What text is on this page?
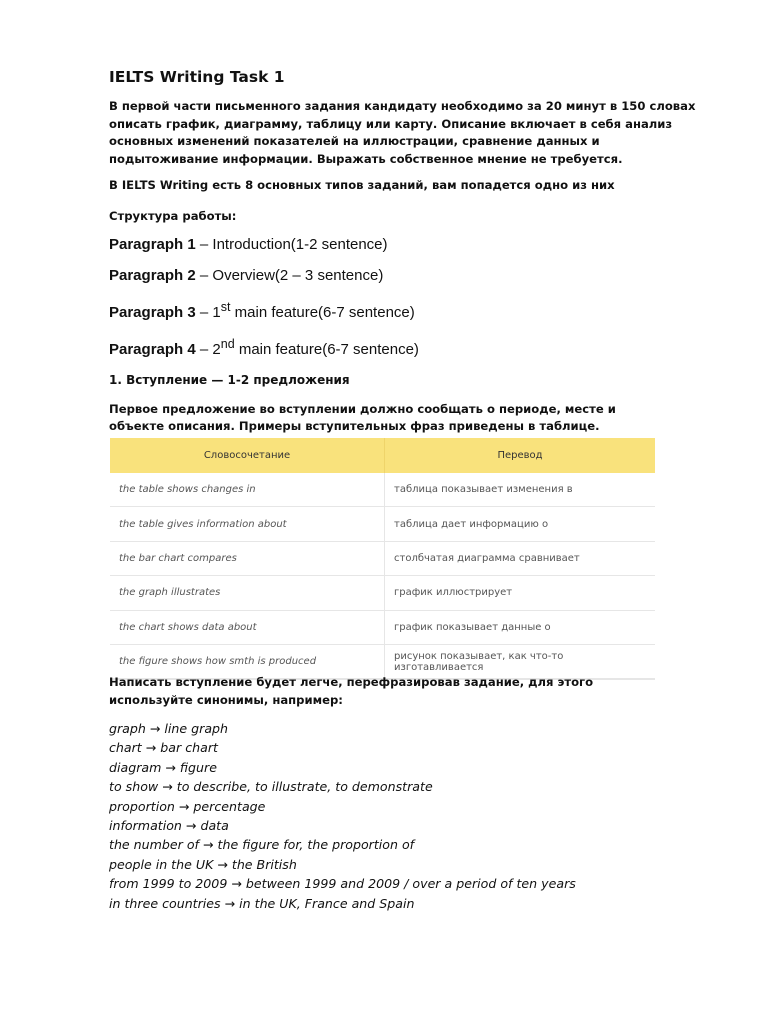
IELTS Writing Task 1

В первой части письменного задания кандидату необходимо за 20 минут в 150 словах описать график, диаграмму, таблицу или карту. Описание включает в себя анализ основных изменений показателей на иллюстрации, сравнение данных и подытоживание информации. Выражать собственное мнение не требуется.

В IELTS Writing есть 8 основных типов заданий, вам попадется одно из них

Структура работы:

Paragraph 1 – Introduction(1-2 sentence)
Paragraph 2 – Overview(2 – 3 sentence)
Paragraph 3 – 1st main feature(6-7 sentence)
Paragraph 4 – 2nd main feature(6-7 sentence)

1. Вступление — 1-2 предложения

Первое предложение во вступлении должно сообщать о периоде, месте и объекте описания. Примеры вступительных фраз приведены в таблице.

Словосочетание	Перевод
the table shows changes in	таблица показывает изменения в
the table gives information about	таблица дает информацию о
the bar chart compares	столбчатая диаграмма сравнивает
the graph illustrates	график иллюстрирует
the chart shows data about	график показывает данные о
the figure shows how smth is produced	рисунок показывает, как что-то изготавливается

Написать вступление будет легче, перефразировав задание, для этого используйте синонимы, например:

graph → line graph
chart → bar chart
diagram → figure
to show → to describe, to illustrate, to demonstrate
proportion → percentage
information → data
the number of → the figure for, the proportion of
people in the UK → the British
from 1999 to 2009 → between 1999 and 2009 / over a period of ten years
in three countries → in the UK, France and Spain
